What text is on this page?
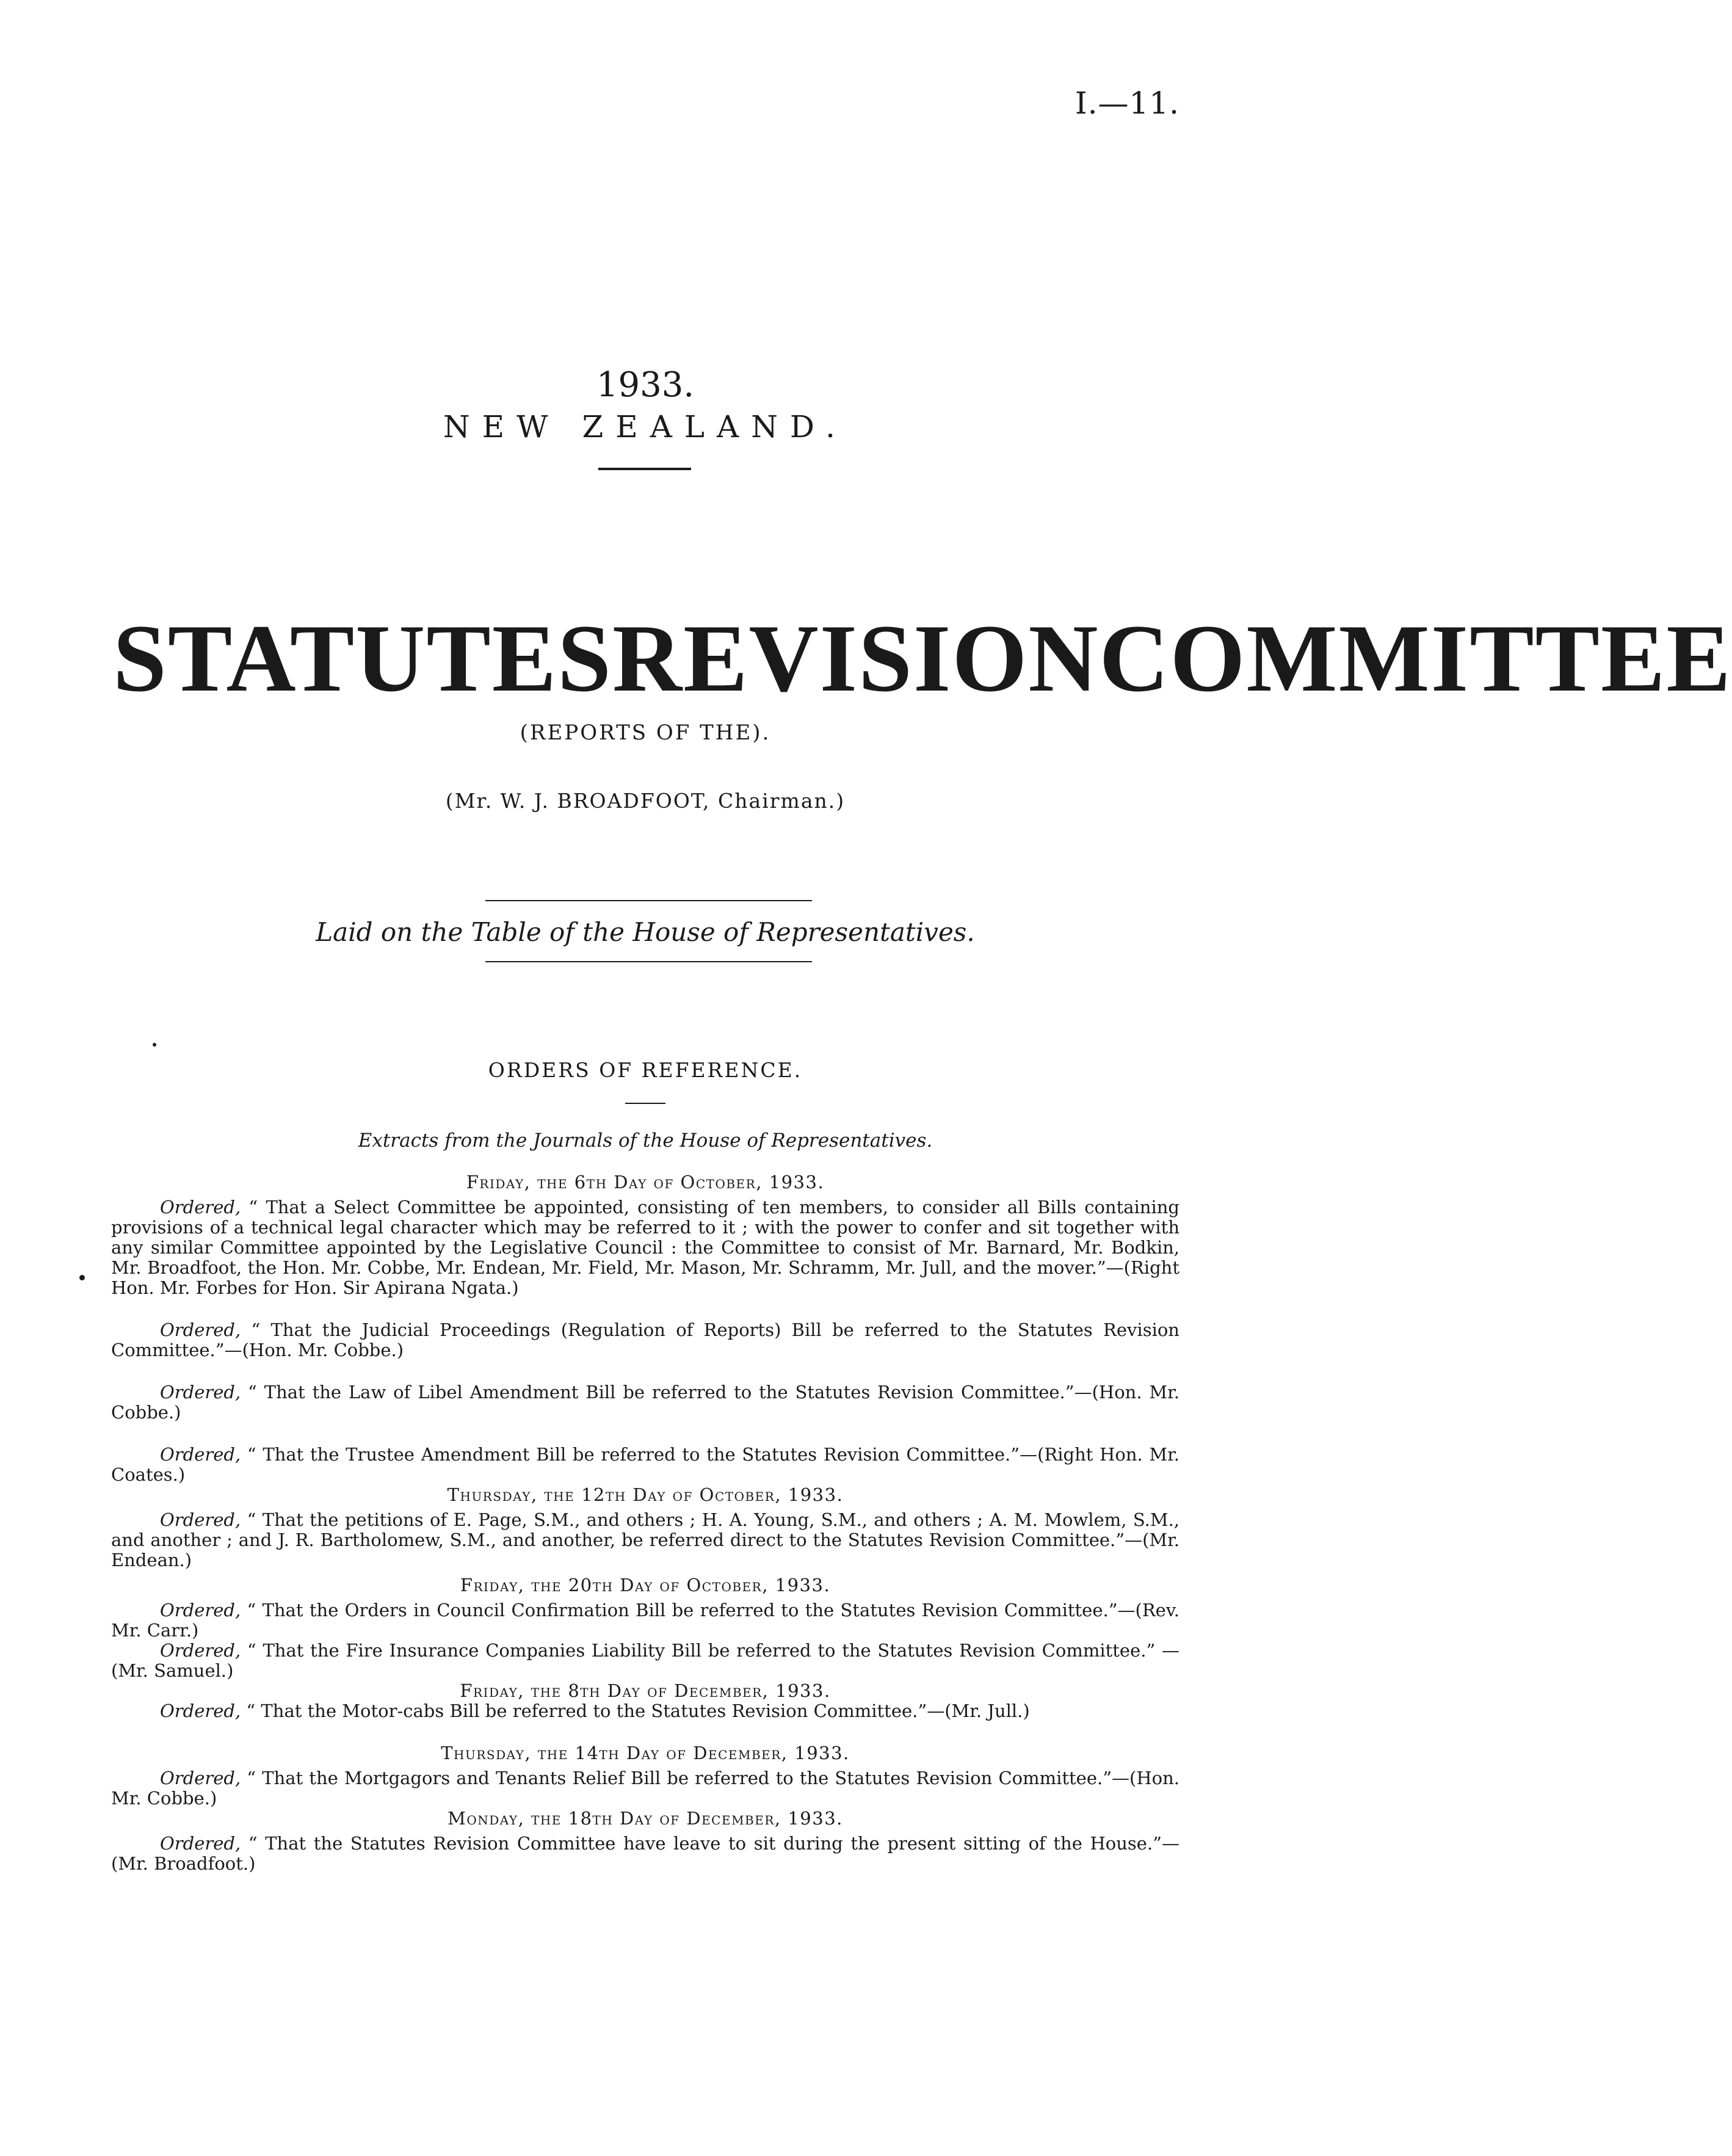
I.—11.
1933.
NEW ZEALAND.
STATUTES REVISION COMMITTEE
(REPORTS OF THE).
(Mr. W. J. BROADFOOT, Chairman.)
Laid on the Table of the House of Representatives.
ORDERS OF REFERENCE.
Extracts from the Journals of the House of Representatives.
Friday, the 6th Day of October, 1933.
Ordered, “ That a Select Committee be appointed, consisting of ten members, to consider all Bills containing provisions of a technical legal character which may be referred to it ; with the power to confer and sit together with any similar Committee appointed by the Legislative Council : the Committee to consist of Mr. Barnard, Mr. Bodkin, Mr. Broadfoot, the Hon. Mr. Cobbe, Mr. Endean, Mr. Field, Mr. Mason, Mr. Schramm, Mr. Jull, and the mover.”—(Right Hon. Mr. Forbes for Hon. Sir Apirana Ngata.)
Ordered, “ That the Judicial Proceedings (Regulation of Reports) Bill be referred to the Statutes Revision Committee.”—(Hon. Mr. Cobbe.)
Ordered, “ That the Law of Libel Amendment Bill be referred to the Statutes Revision Committee.”—(Hon. Mr. Cobbe.)
Ordered, “ That the Trustee Amendment Bill be referred to the Statutes Revision Committee.”—(Right Hon. Mr. Coates.)
Thursday, the 12th Day of October, 1933.
Ordered, “ That the petitions of E. Page, S.M., and others ; H. A. Young, S.M., and others ; A. M. Mowlem, S.M., and another ; and J. R. Bartholomew, S.M., and another, be referred direct to the Statutes Revision Committee.”—(Mr. Endean.)
Friday, the 20th Day of October, 1933.
Ordered, “ That the Orders in Council Confirmation Bill be referred to the Statutes Revision Committee.”—(Rev. Mr. Carr.)
Ordered, “ That the Fire Insurance Companies Liability Bill be referred to the Statutes Revision Committee.” —(Mr. Samuel.)
Friday, the 8th Day of December, 1933.
Ordered, “ That the Motor-cabs Bill be referred to the Statutes Revision Committee.”—(Mr. Jull.)
Thursday, the 14th Day of December, 1933.
Ordered, “ That the Mortgagors and Tenants Relief Bill be referred to the Statutes Revision Committee.”—(Hon. Mr. Cobbe.)
Monday, the 18th Day of December, 1933.
Ordered, “ That the Statutes Revision Committee have leave to sit during the present sitting of the House.”—(Mr. Broadfoot.)
